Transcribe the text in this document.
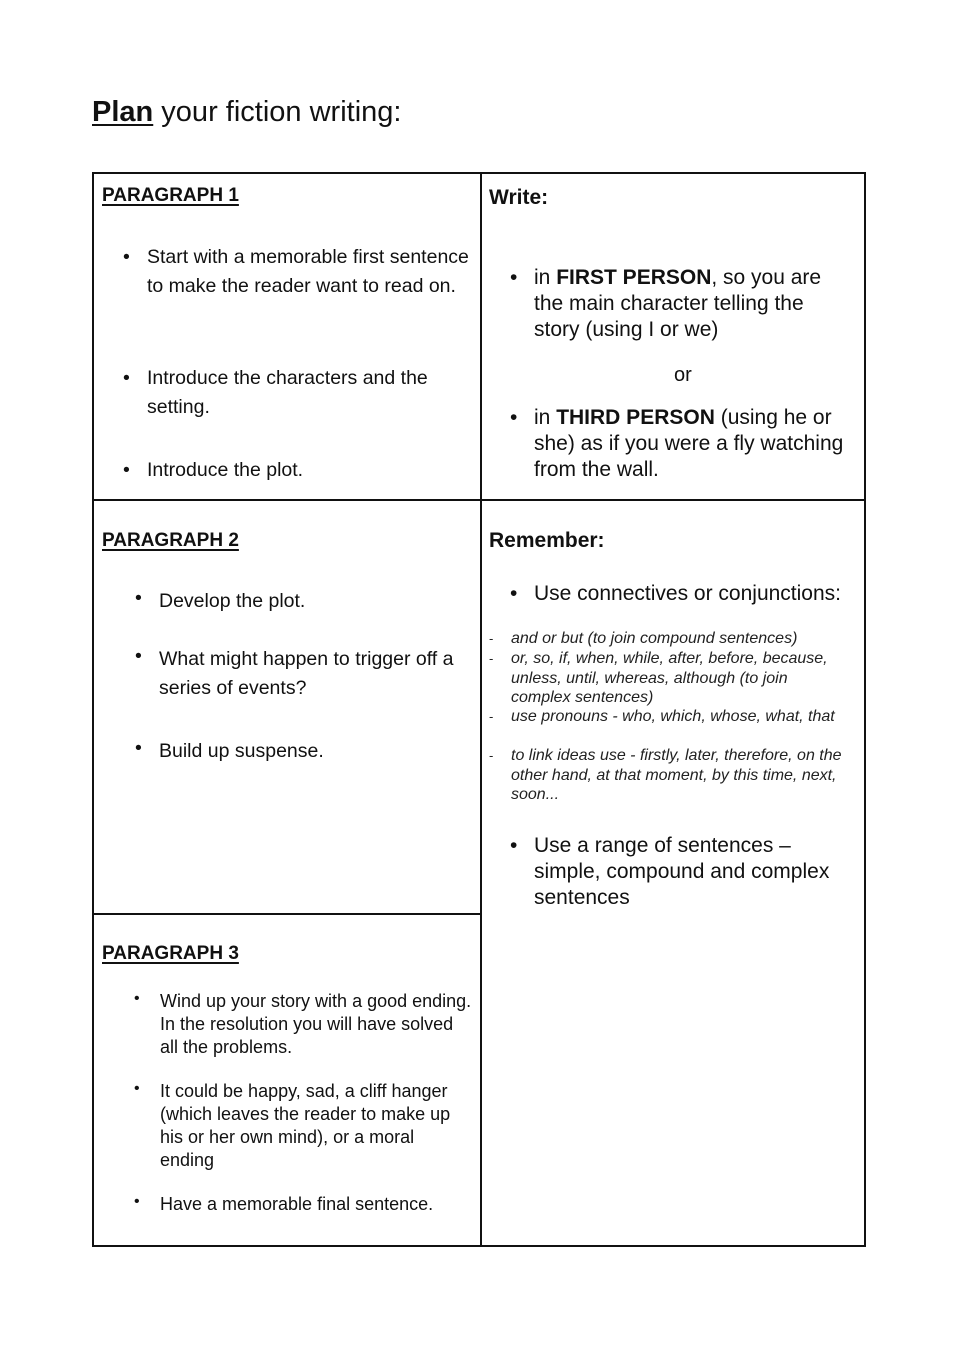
Plan your fiction writing:
PARAGRAPH 1
• Start with a memorable first sentence to make the reader want to read on.
• Introduce the characters and the setting.
• Introduce the plot.
Write:
• in FIRST PERSON, so you are the main character telling the story (using I or we)
or
• in THIRD PERSON (using he or she) as if you were a fly watching from the wall.
PARAGRAPH 2
• Develop the plot.
• What might happen to trigger off a series of events?
• Build up suspense.
Remember:
• Use connectives or conjunctions:
- and or but (to join compound sentences)
- or, so, if, when, while, after, before, because, unless, until, whereas, although (to join complex sentences)
- use pronouns - who, which, whose, what, that
- to link ideas use - firstly, later, therefore, on the other hand, at that moment, by this time, next, soon...
• Use a range of sentences – simple, compound and complex sentences
PARAGRAPH 3
• Wind up your story with a good ending. In the resolution you will have solved all the problems.
• It could be happy, sad, a cliff hanger (which leaves the reader to make up his or her own mind), or a moral ending
• Have a memorable final sentence.
